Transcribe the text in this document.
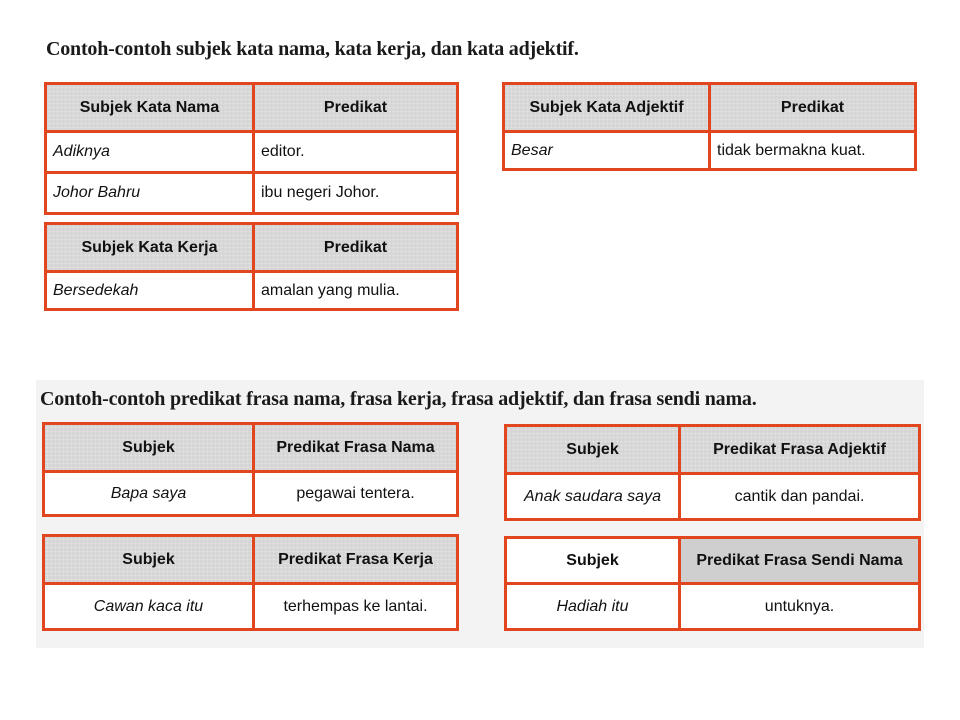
Contoh-contoh subjek kata nama, kata kerja, dan kata adjektif.
Subjek Kata Nama	Predikat
Adiknya	editor.
Johor Bahru	ibu negeri Johor.
Subjek Kata Kerja	Predikat
Bersedekah	amalan yang mulia.
Subjek Kata Adjektif	Predikat
Besar	tidak bermakna kuat.
Contoh-contoh predikat frasa nama, frasa kerja, frasa adjektif, dan frasa sendi nama.
Subjek	Predikat Frasa Nama
Bapa saya	pegawai tentera.
Subjek	Predikat Frasa Kerja
Cawan kaca itu	terhempas ke lantai.
Subjek	Predikat Frasa Adjektif
Anak saudara saya	cantik dan pandai.
Subjek	Predikat Frasa Sendi Nama
Hadiah itu	untuknya.
